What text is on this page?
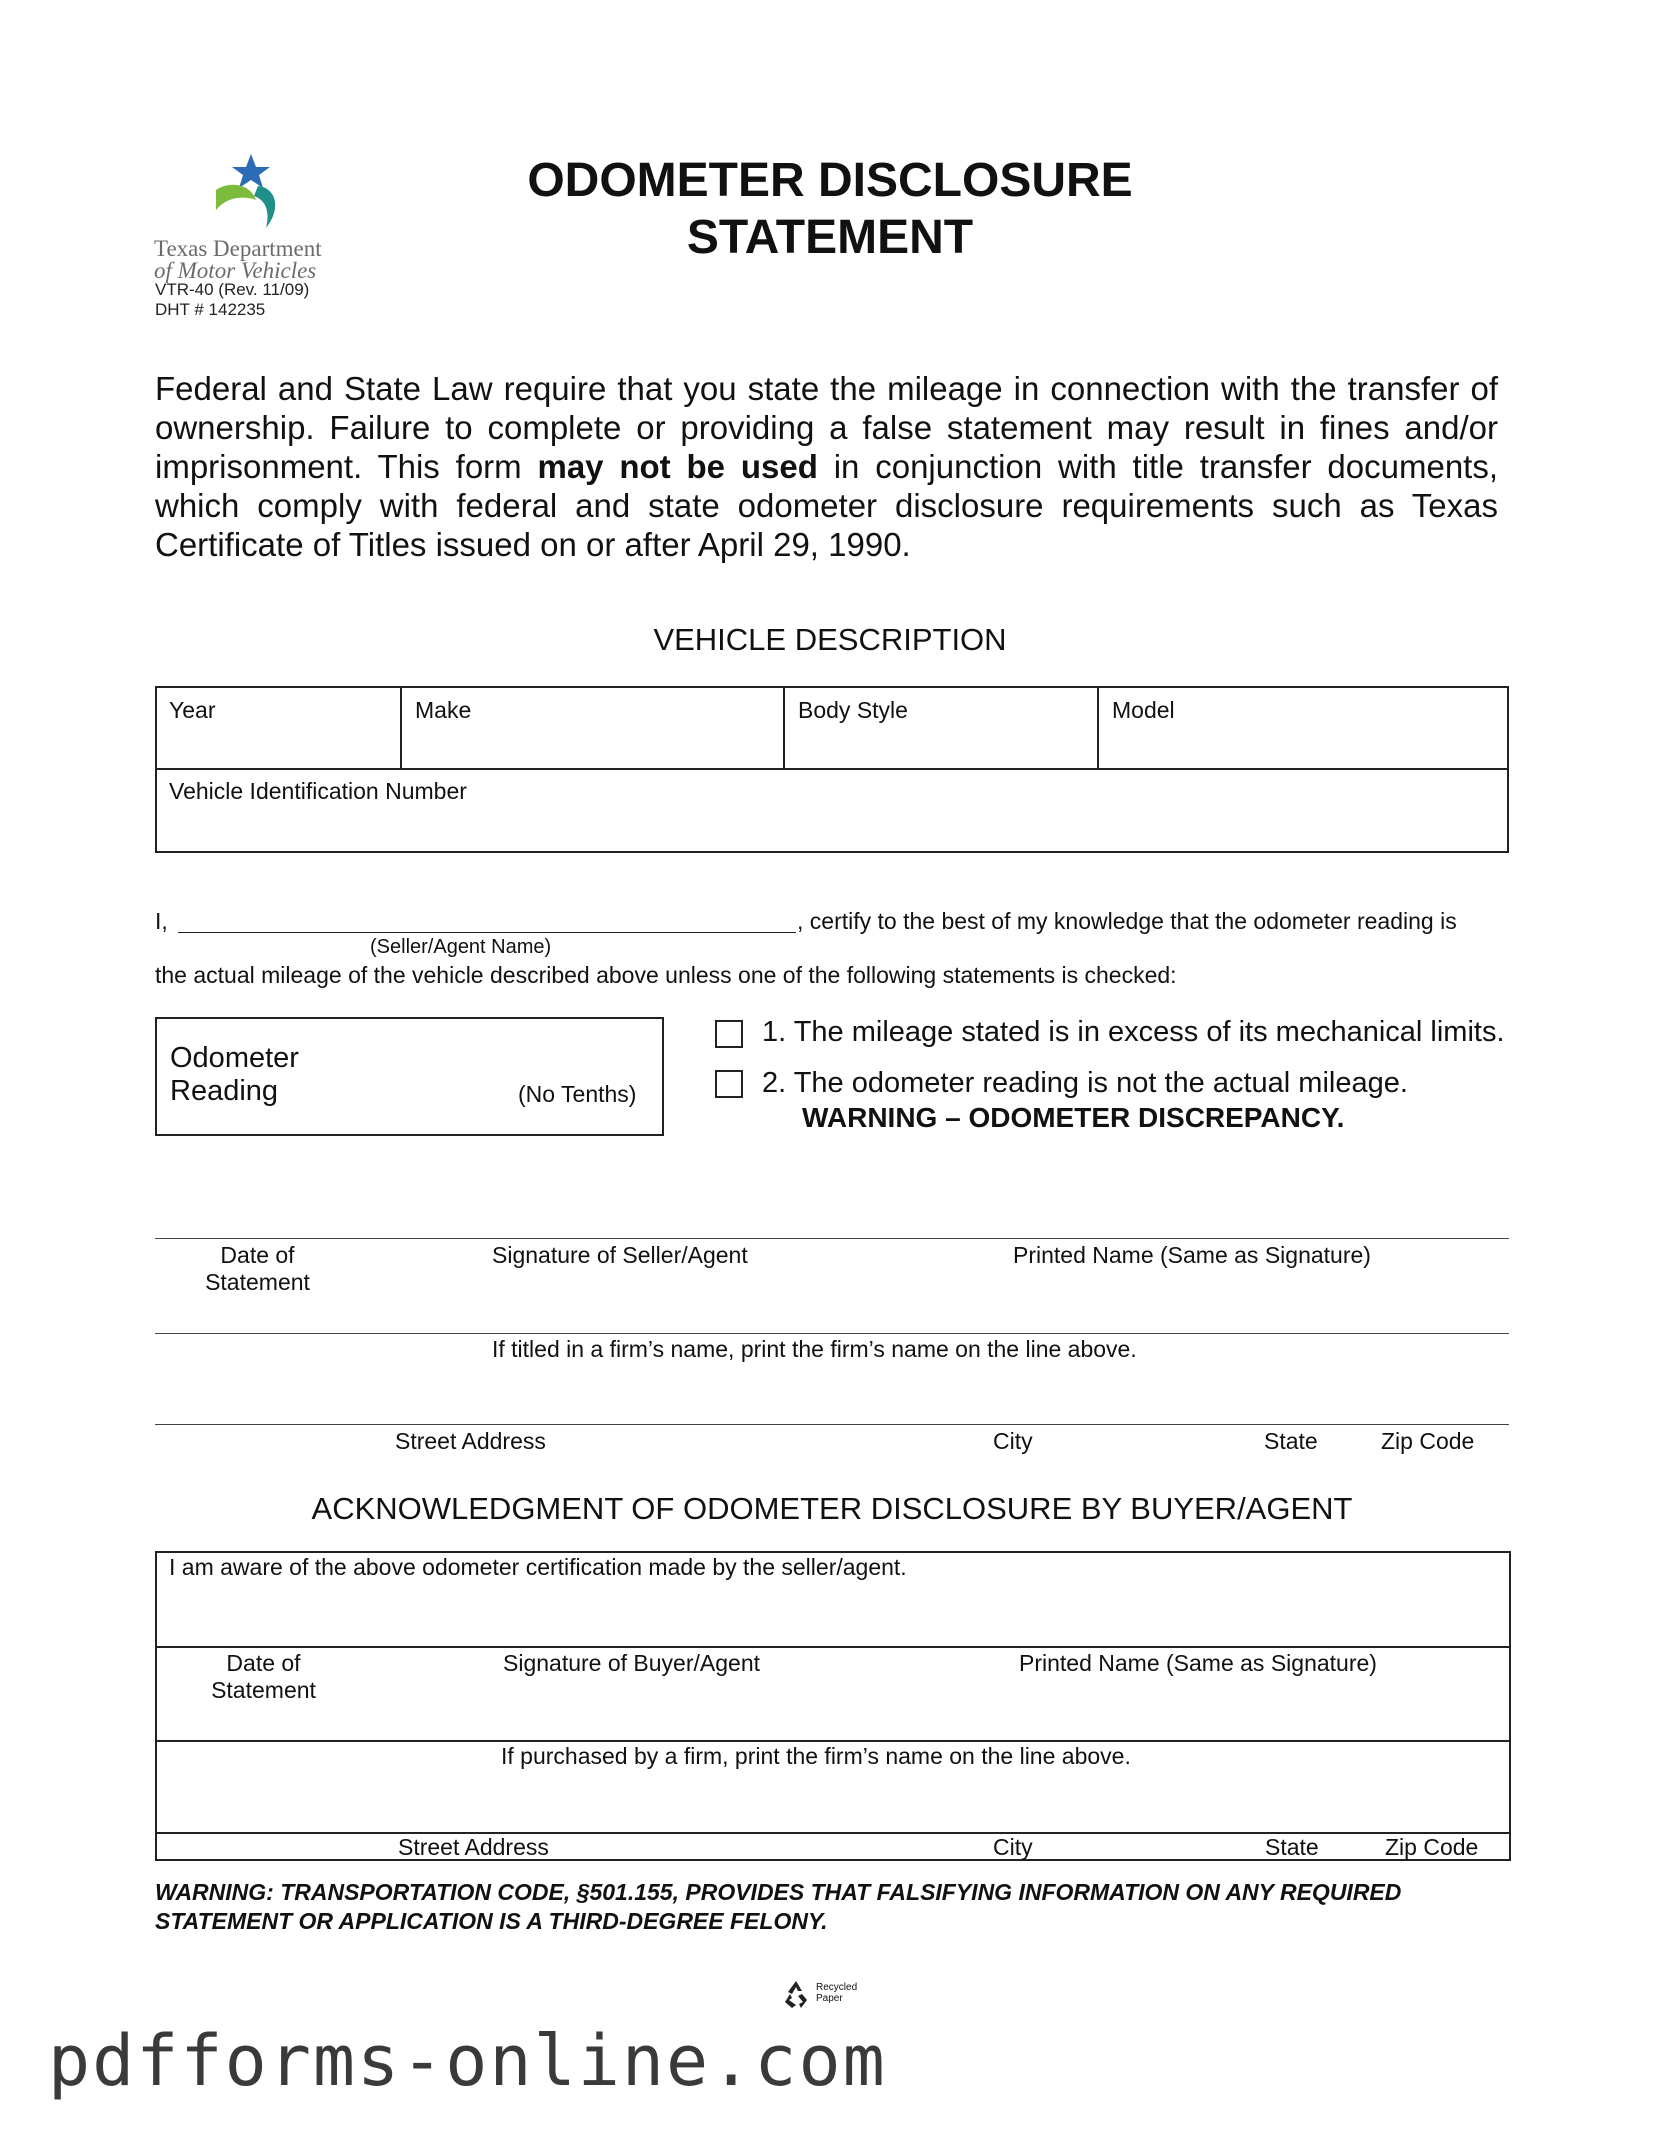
Texas Department
of Motor Vehicles
VTR-40 (Rev. 11/09)
DHT # 142235
ODOMETER DISCLOSURE
STATEMENT
Federal and State Law require that you state the mileage in connection with the transfer of ownership. Failure to complete or providing a false statement may result in fines and/or imprisonment. This form may not be used in conjunction with title transfer documents, which comply with federal and state odometer disclosure requirements such as Texas Certificate of Titles issued on or after April 29, 1990.
VEHICLE DESCRIPTION
Year	Make	Body Style	Model
Vehicle Identification Number
I,	, certify to the best of my knowledge that the odometer reading is
(Seller/Agent Name)
the actual mileage of the vehicle described above unless one of the following statements is checked:
Odometer
Reading	(No Tenths)
1. The mileage stated is in excess of its mechanical limits.
2. The odometer reading is not the actual mileage.
WARNING – ODOMETER DISCREPANCY.
Date of
Statement
Signature of Seller/Agent	Printed Name (Same as Signature)
If titled in a firm’s name, print the firm’s name on the line above.
Street Address	City	State	Zip Code
ACKNOWLEDGMENT OF ODOMETER DISCLOSURE BY BUYER/AGENT
I am aware of the above odometer certification made by the seller/agent.
Date of
Statement
Signature of Buyer/Agent	Printed Name (Same as Signature)
If purchased by a firm, print the firm’s name on the line above.
Street Address	City	State	Zip Code
WARNING: TRANSPORTATION CODE, §501.155, PROVIDES THAT FALSIFYING INFORMATION ON ANY REQUIRED
STATEMENT OR APPLICATION IS A THIRD-DEGREE FELONY.
Recycled
Paper
pdfforms-online.com
